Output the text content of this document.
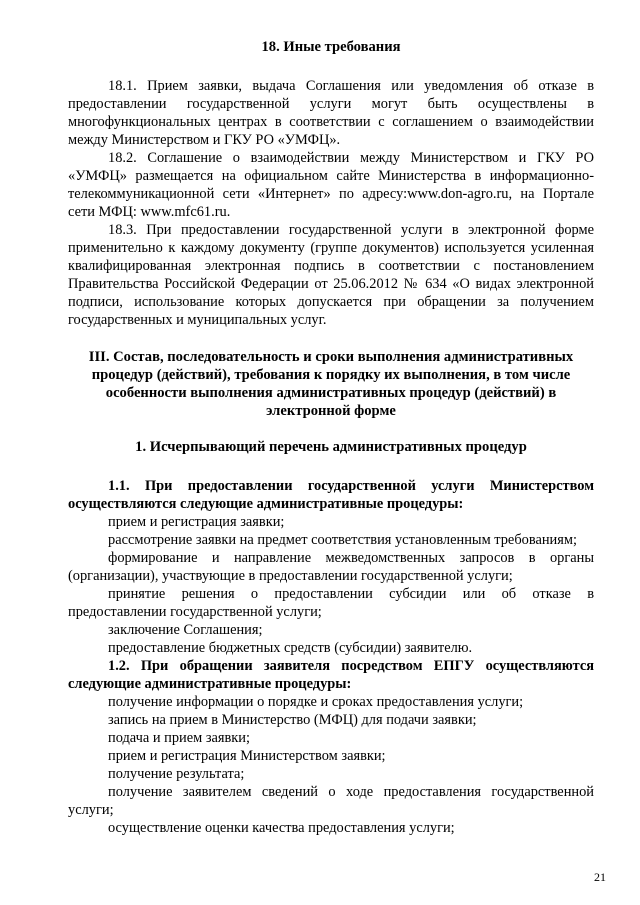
18. Иные требования

18.1. Прием заявки, выдача Соглашения или уведомления об отказе в предоставлении государственной услуги могут быть осуществлены в многофункциональных центрах в соответствии с соглашением о взаимодействии между Министерством и ГКУ РО «УМФЦ».

18.2. Соглашение о взаимодействии между Министерством и ГКУ РО «УМФЦ» размещается на официальном сайте Министерства в информационно-телекоммуникационной сети «Интернет» по адресу:www.don-agro.ru, на Портале сети МФЦ: www.mfc61.ru.

18.3. При предоставлении государственной услуги в электронной форме применительно к каждому документу (группе документов) используется усиленная квалифицированная электронная подпись в соответствии с постановлением Правительства Российской Федерации от 25.06.2012 № 634 «О видах электронной подписи, использование которых допускается при обращении за получением государственных и муниципальных услуг.

III. Состав, последовательность и сроки выполнения административных процедур (действий), требования к порядку их выполнения, в том числе особенности выполнения административных процедур (действий) в электронной форме
1. Исчерпывающий перечень административных процедур

1.1. При предоставлении государственной услуги Министерством осуществляются следующие административные процедуры:

прием и регистрация заявки;

рассмотрение заявки на предмет соответствия установленным требованиям;

формирование и направление межведомственных запросов в органы (организации), участвующие в предоставлении государственной услуги;

принятие решения о предоставлении субсидии или об отказе в предоставлении государственной услуги;

заключение Соглашения;

предоставление бюджетных средств (субсидии) заявителю.

1.2. При обращении заявителя посредством ЕПГУ осуществляются следующие административные процедуры:

получение информации о порядке и сроках предоставления услуги;

запись на прием в Министерство (МФЦ) для подачи заявки;

подача и прием заявки;

прием и регистрация Министерством заявки;

получение результата;

получение заявителем сведений о ходе предоставления государственной услуги;

осуществление оценки качества предоставления услуги;

21
